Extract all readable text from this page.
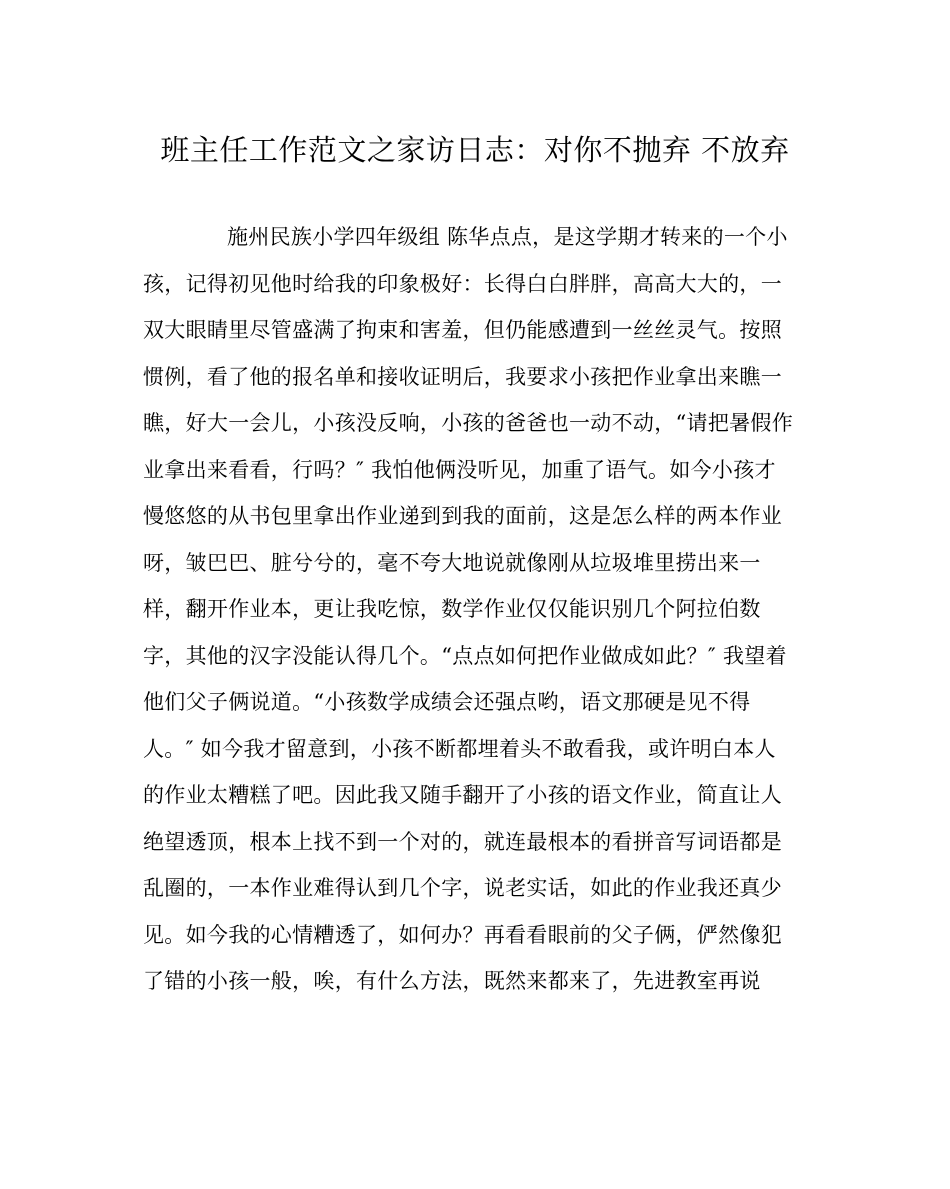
班主任工作范文之家访日志：对你不抛弃 不放弃
施州民族小学四年级组 陈华点点，是这学期才转来的一个小
孩，记得初见他时给我的印象极好：长得白白胖胖，高高大大的，一
双大眼睛里尽管盛满了拘束和害羞，但仍能感遭到一丝丝灵气。按照
惯例，看了他的报名单和接收证明后，我要求小孩把作业拿出来瞧一
瞧，好大一会儿，小孩没反响，小孩的爸爸也一动不动，“请把暑假作
业拿出来看看，行吗？″ 我怕他俩没听见，加重了语气。如今小孩才
慢悠悠的从书包里拿出作业递到到我的面前，这是怎么样的两本作业
呀，皱巴巴、脏兮兮的，毫不夸大地说就像刚从垃圾堆里捞出来一
样，翻开作业本，更让我吃惊，数学作业仅仅能识别几个阿拉伯数
字，其他的汉字没能认得几个。“点点如何把作业做成如此？″ 我望着
他们父子俩说道。“小孩数学成绩会还强点哟，语文那硬是见不得
人。″ 如今我才留意到，小孩不断都埋着头不敢看我，或许明白本人
的作业太糟糕了吧。因此我又随手翻开了小孩的语文作业，简直让人
绝望透顶，根本上找不到一个对的，就连最根本的看拼音写词语都是
乱圈的，一本作业难得认到几个字，说老实话，如此的作业我还真少
见。如今我的心情糟透了，如何办？再看看眼前的父子俩，俨然像犯
了错的小孩一般，唉，有什么方法，既然来都来了，先进教室再说
